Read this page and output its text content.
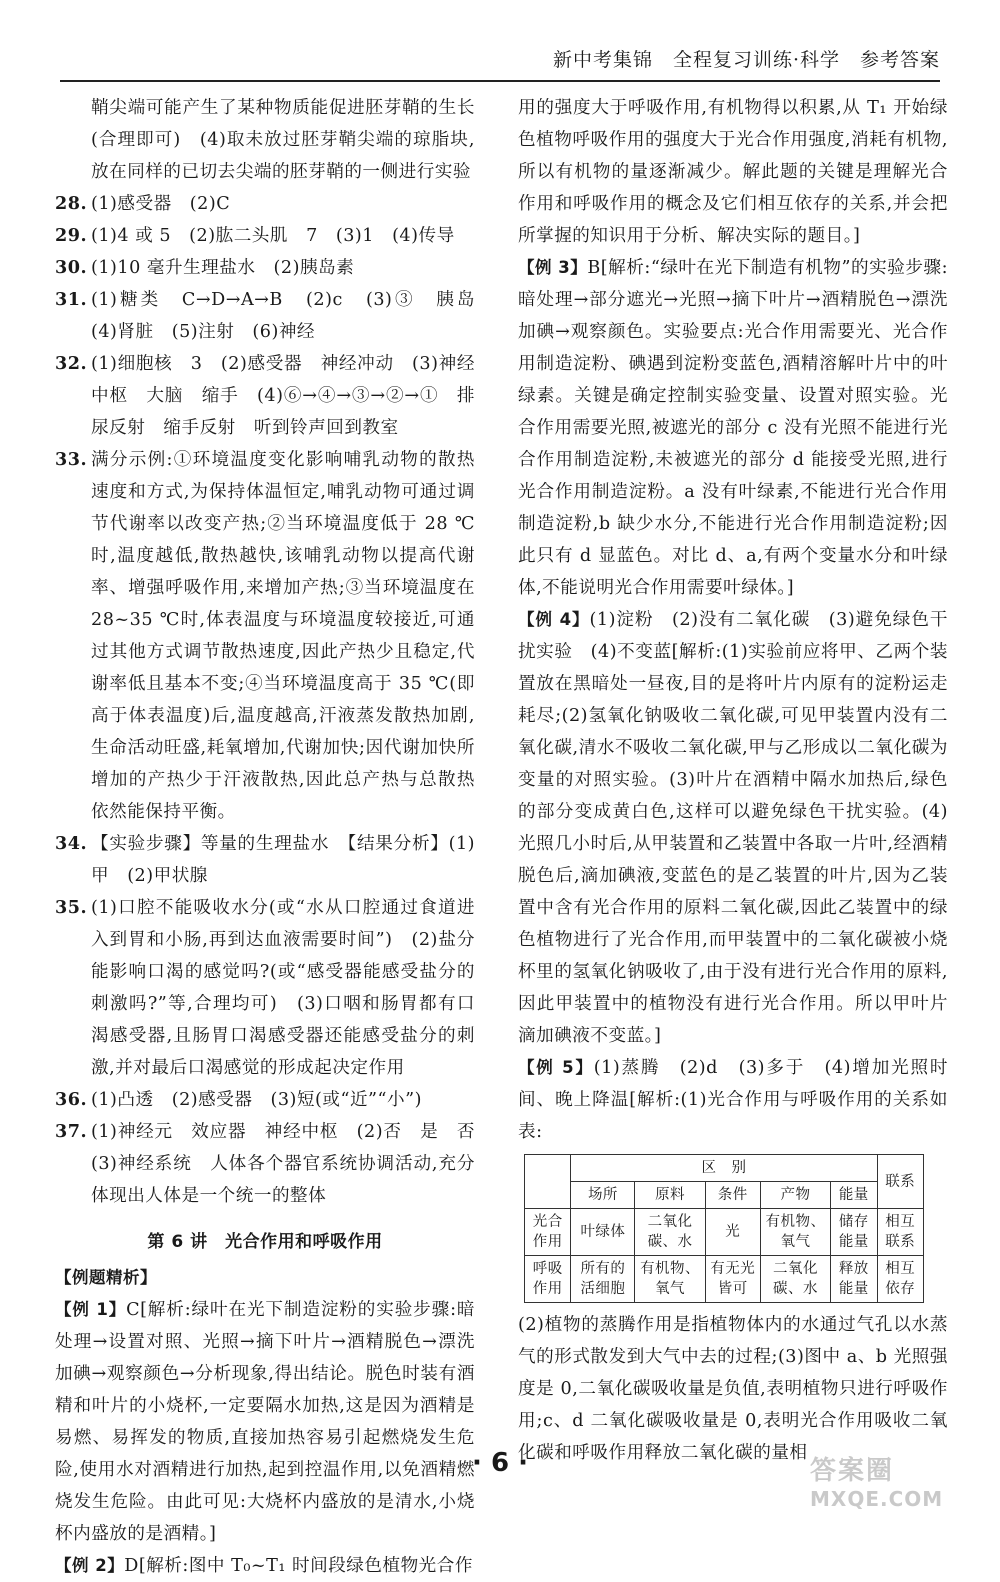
新中考集锦　全程复习训练·科学　参考答案
鞘尖端可能产生了某种物质能促进胚芽鞘的生长(合理即可)　(4)取未放过胚芽鞘尖端的琼脂块,放在同样的已切去尖端的胚芽鞘的一侧进行实验
28. (1)感受器　(2)C
29. (1)4 或 5　(2)肱二头肌　7　(3)1　(4)传导
30. (1)10 毫升生理盐水　(2)胰岛素
31. (1)糖类　C→D→A→B　(2)c　(3)③　胰岛　(4)肾脏　(5)注射　(6)神经
32. (1)细胞核　3　(2)感受器　神经冲动　(3)神经中枢　大脑　缩手　(4)⑥→④→③→②→①　排尿反射　缩手反射　听到铃声回到教室
33. 满分示例:①环境温度变化影响哺乳动物的散热速度和方式,为保持体温恒定,哺乳动物可通过调节代谢率以改变产热;②当环境温度低于 28 ℃时,温度越低,散热越快,该哺乳动物以提高代谢率、增强呼吸作用,来增加产热;③当环境温度在28~35 ℃时,体表温度与环境温度较接近,可通过其他方式调节散热速度,因此产热少且稳定,代谢率低且基本不变;④当环境温度高于 35 ℃(即高于体表温度)后,温度越高,汗液蒸发散热加剧,生命活动旺盛,耗氧增加,代谢加快;因代谢加快所增加的产热少于汗液散热,因此总产热与总散热依然能保持平衡。
34. 【实验步骤】等量的生理盐水　【结果分析】(1)甲　(2)甲状腺
35. (1)口腔不能吸收水分(或“水从口腔通过食道进入到胃和小肠,再到达血液需要时间”)　(2)盐分能影响口渴的感觉吗?(或“感受器能感受盐分的刺激吗?”等,合理均可)　(3)口咽和肠胃都有口渴感受器,且肠胃口渴感受器还能感受盐分的刺激,并对最后口渴感觉的形成起决定作用
36. (1)凸透　(2)感受器　(3)短(或“近”“小”)
37. (1)神经元　效应器　神经中枢　(2)否　是　否　(3)神经系统　人体各个器官系统协调活动,充分体现出人体是一个统一的整体
第 6 讲　光合作用和呼吸作用
【例题精析】
【例 1】C[解析:绿叶在光下制造淀粉的实验步骤:暗处理→设置对照、光照→摘下叶片→酒精脱色→漂洗加碘→观察颜色→分析现象,得出结论。脱色时装有酒精和叶片的小烧杯,一定要隔水加热,这是因为酒精是易燃、易挥发的物质,直接加热容易引起燃烧发生危险,使用水对酒精进行加热,起到控温作用,以免酒精燃烧发生危险。由此可见:大烧杯内盛放的是清水,小烧杯内盛放的是酒精。]
【例 2】D[解析:图中 T₀~T₁ 时间段绿色植物光合作
用的强度大于呼吸作用,有机物得以积累,从 T₁ 开始绿色植物呼吸作用的强度大于光合作用强度,消耗有机物,所以有机物的量逐渐减少。解此题的关键是理解光合作用和呼吸作用的概念及它们相互依存的关系,并会把所掌握的知识用于分析、解决实际的题目。]
【例 3】B[解析:“绿叶在光下制造有机物”的实验步骤:暗处理→部分遮光→光照→摘下叶片→酒精脱色→漂洗加碘→观察颜色。实验要点:光合作用需要光、光合作用制造淀粉、碘遇到淀粉变蓝色,酒精溶解叶片中的叶绿素。关键是确定控制实验变量、设置对照实验。光合作用需要光照,被遮光的部分 c 没有光照不能进行光合作用制造淀粉,未被遮光的部分 d 能接受光照,进行光合作用制造淀粉。a 没有叶绿素,不能进行光合作用制造淀粉,b 缺少水分,不能进行光合作用制造淀粉;因此只有 d 显蓝色。对比 d、a,有两个变量水分和叶绿体,不能说明光合作用需要叶绿体。]
【例 4】(1)淀粉　(2)没有二氧化碳　(3)避免绿色干扰实验　(4)不变蓝[解析:(1)实验前应将甲、乙两个装置放在黑暗处一昼夜,目的是将叶片内原有的淀粉运走耗尽;(2)氢氧化钠吸收二氧化碳,可见甲装置内没有二氧化碳,清水不吸收二氧化碳,甲与乙形成以二氧化碳为变量的对照实验。(3)叶片在酒精中隔水加热后,绿色的部分变成黄白色,这样可以避免绿色干扰实验。(4)光照几小时后,从甲装置和乙装置中各取一片叶,经酒精脱色后,滴加碘液,变蓝色的是乙装置的叶片,因为乙装置中含有光合作用的原料二氧化碳,因此乙装置中的绿色植物进行了光合作用,而甲装置中的二氧化碳被小烧杯里的氢氧化钠吸收了,由于没有进行光合作用的原料,因此甲装置中的植物没有进行光合作用。所以甲叶片滴加碘液不变蓝。]
【例 5】(1)蒸腾　(2)d　(3)多于　(4)增加光照时间、晚上降温[解析:(1)光合作用与呼吸作用的关系如表:
	区　别					联系
	场所	原料	条件	产物	能量	
光合作用	叶绿体	二氧化碳、水	光	有机物、氧气	储存能量	相互联系
呼吸作用	所有的活细胞	有机物、氧气	有无光皆可	二氧化碳、水	释放能量	相互依存
(2)植物的蒸腾作用是指植物体内的水通过气孔以水蒸气的形式散发到大气中去的过程;(3)图中 a、b 光照强度是 0,二氧化碳吸收量是负值,表明植物只进行呼吸作用;c、d 二氧化碳吸收量是 0,表明光合作用吸收二氧化碳和呼吸作用释放二氧化碳的量相
· 6 ·	答案圈
MXQE.COM
